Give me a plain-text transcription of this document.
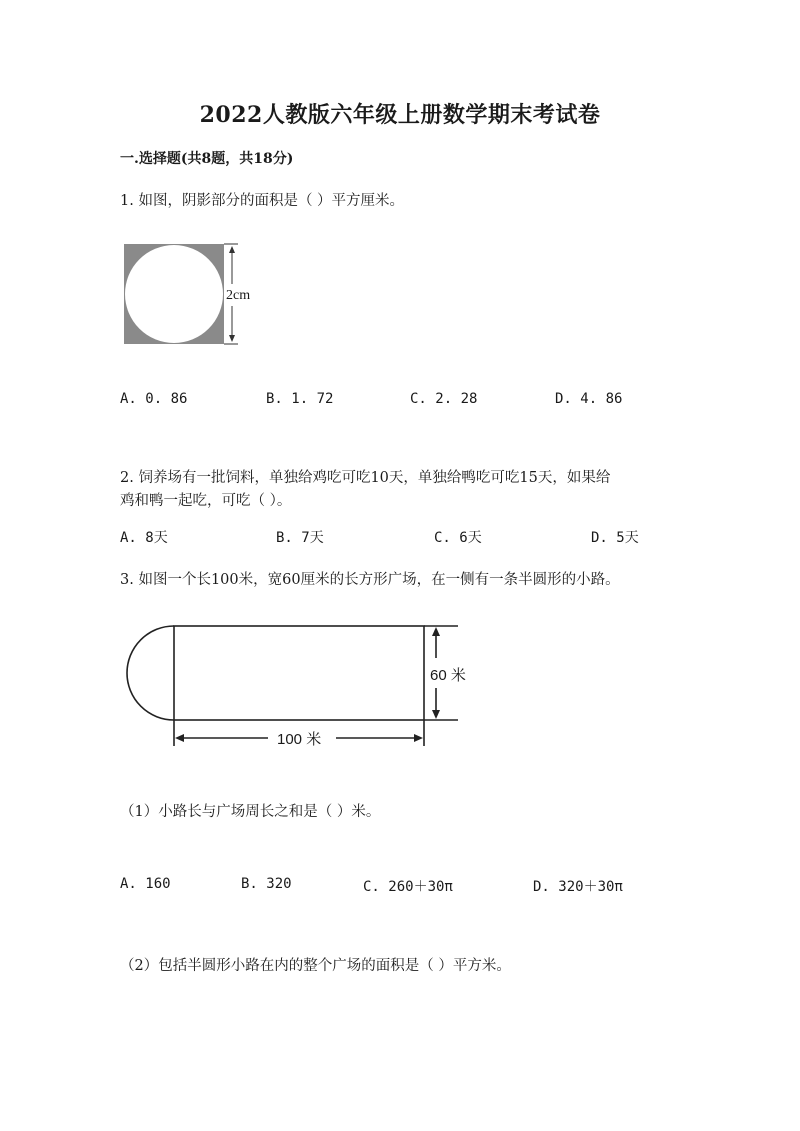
2022人教版六年级上册数学期末考试卷
一.选择题(共8题，共18分)
1. 如图，阴影部分的面积是（ ）平方厘米。
2cm
A. 0. 86	B. 1. 72	C. 2. 28	D. 4. 86
2. 饲养场有一批饲料，单独给鸡吃可吃10天，单独给鸭吃可吃15天，如果给
鸡和鸭一起吃，可吃（ ）。
A. 8天	B. 7天	C. 6天	D. 5天
3. 如图一个长100米，宽60厘米的长方形广场，在一侧有一条半圆形的小路。
60 米
100 米
（1）小路长与广场周长之和是（ ）米。
A. 160	B. 320	C. 260＋30π	D. 320＋30π
（2）包括半圆形小路在内的整个广场的面积是（ ）平方米。
